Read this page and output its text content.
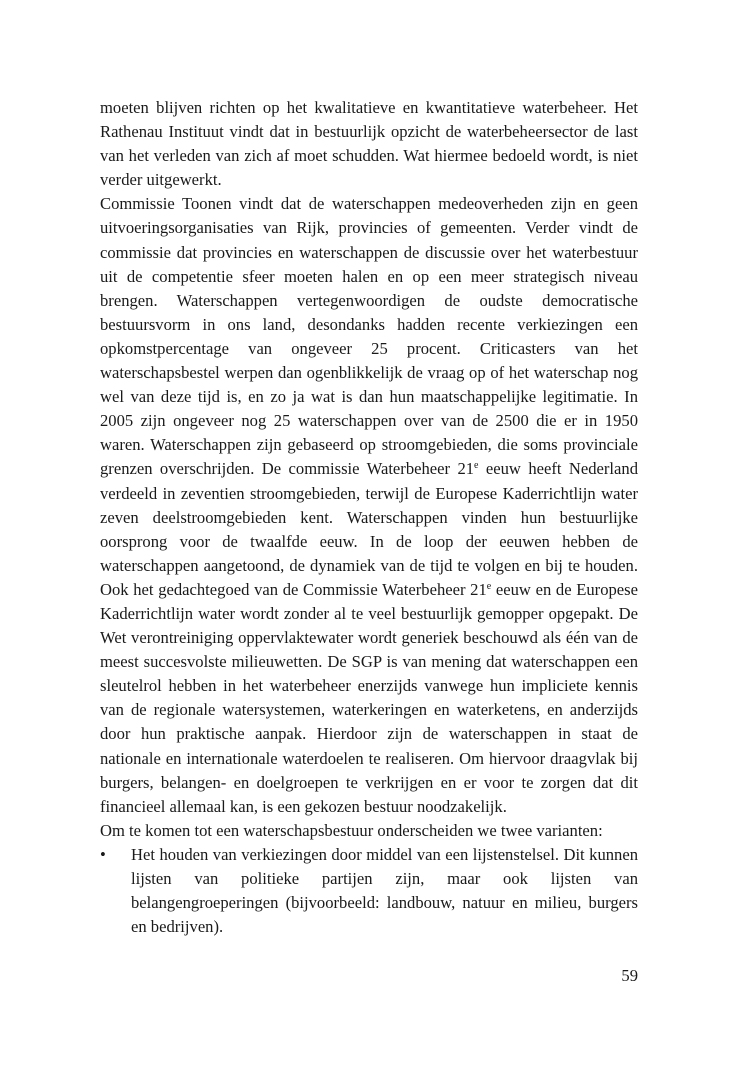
moeten blijven richten op het kwalitatieve en kwantitatieve waterbeheer. Het Rathenau Instituut vindt dat in bestuurlijk opzicht de waterbeheersector de last van het verleden van zich af moet schudden. Wat hiermee bedoeld wordt, is niet verder uitgewerkt.

Commissie Toonen vindt dat de waterschappen medeoverheden zijn en geen uitvoeringsorganisaties van Rijk, provincies of gemeenten. Verder vindt de commissie dat provincies en waterschappen de discussie over het waterbestuur uit de competentie sfeer moeten halen en op een meer strategisch niveau brengen. Waterschappen vertegenwoordigen de oudste democratische bestuursvorm in ons land, desondanks hadden recente verkiezingen een opkomstpercentage van ongeveer 25 procent. Criticasters van het waterschapsbestel werpen dan ogenblikkelijk de vraag op of het waterschap nog wel van deze tijd is, en zo ja wat is dan hun maatschappelijke legitimatie. In 2005 zijn ongeveer nog 25 waterschappen over van de 2500 die er in 1950 waren. Waterschappen zijn gebaseerd op stroomgebieden, die soms provinciale grenzen overschrijden. De commissie Waterbeheer 21e eeuw heeft Nederland verdeeld in zeventien stroomgebieden, terwijl de Europese Kaderrichtlijn water zeven deelstroomgebieden kent. Waterschappen vinden hun bestuurlijke oorsprong voor de twaalfde eeuw. In de loop der eeuwen hebben de waterschappen aangetoond, de dynamiek van de tijd te volgen en bij te houden. Ook het gedachtegoed van de Commissie Waterbeheer 21e eeuw en de Europese Kaderrichtlijn water wordt zonder al te veel bestuurlijk gemopper opgepakt. De Wet verontreiniging oppervlaktewater wordt generiek beschouwd als één van de meest succesvolste milieuwetten. De SGP is van mening dat waterschappen een sleutelrol hebben in het waterbeheer enerzijds vanwege hun impliciete kennis van de regionale watersystemen, waterkeringen en waterketens, en anderzijds door hun praktische aanpak. Hierdoor zijn de waterschappen in staat de nationale en internationale waterdoelen te realiseren. Om hiervoor draagvlak bij burgers, belangen- en doelgroepen te verkrijgen en er voor te zorgen dat dit financieel allemaal kan, is een gekozen bestuur noodzakelijk.

Om te komen tot een waterschapsbestuur onderscheiden we twee varianten:

• Het houden van verkiezingen door middel van een lijstenstelsel. Dit kunnen lijsten van politieke partijen zijn, maar ook lijsten van belangengroeperingen (bijvoorbeeld: landbouw, natuur en milieu, burgers en bedrijven).
59
